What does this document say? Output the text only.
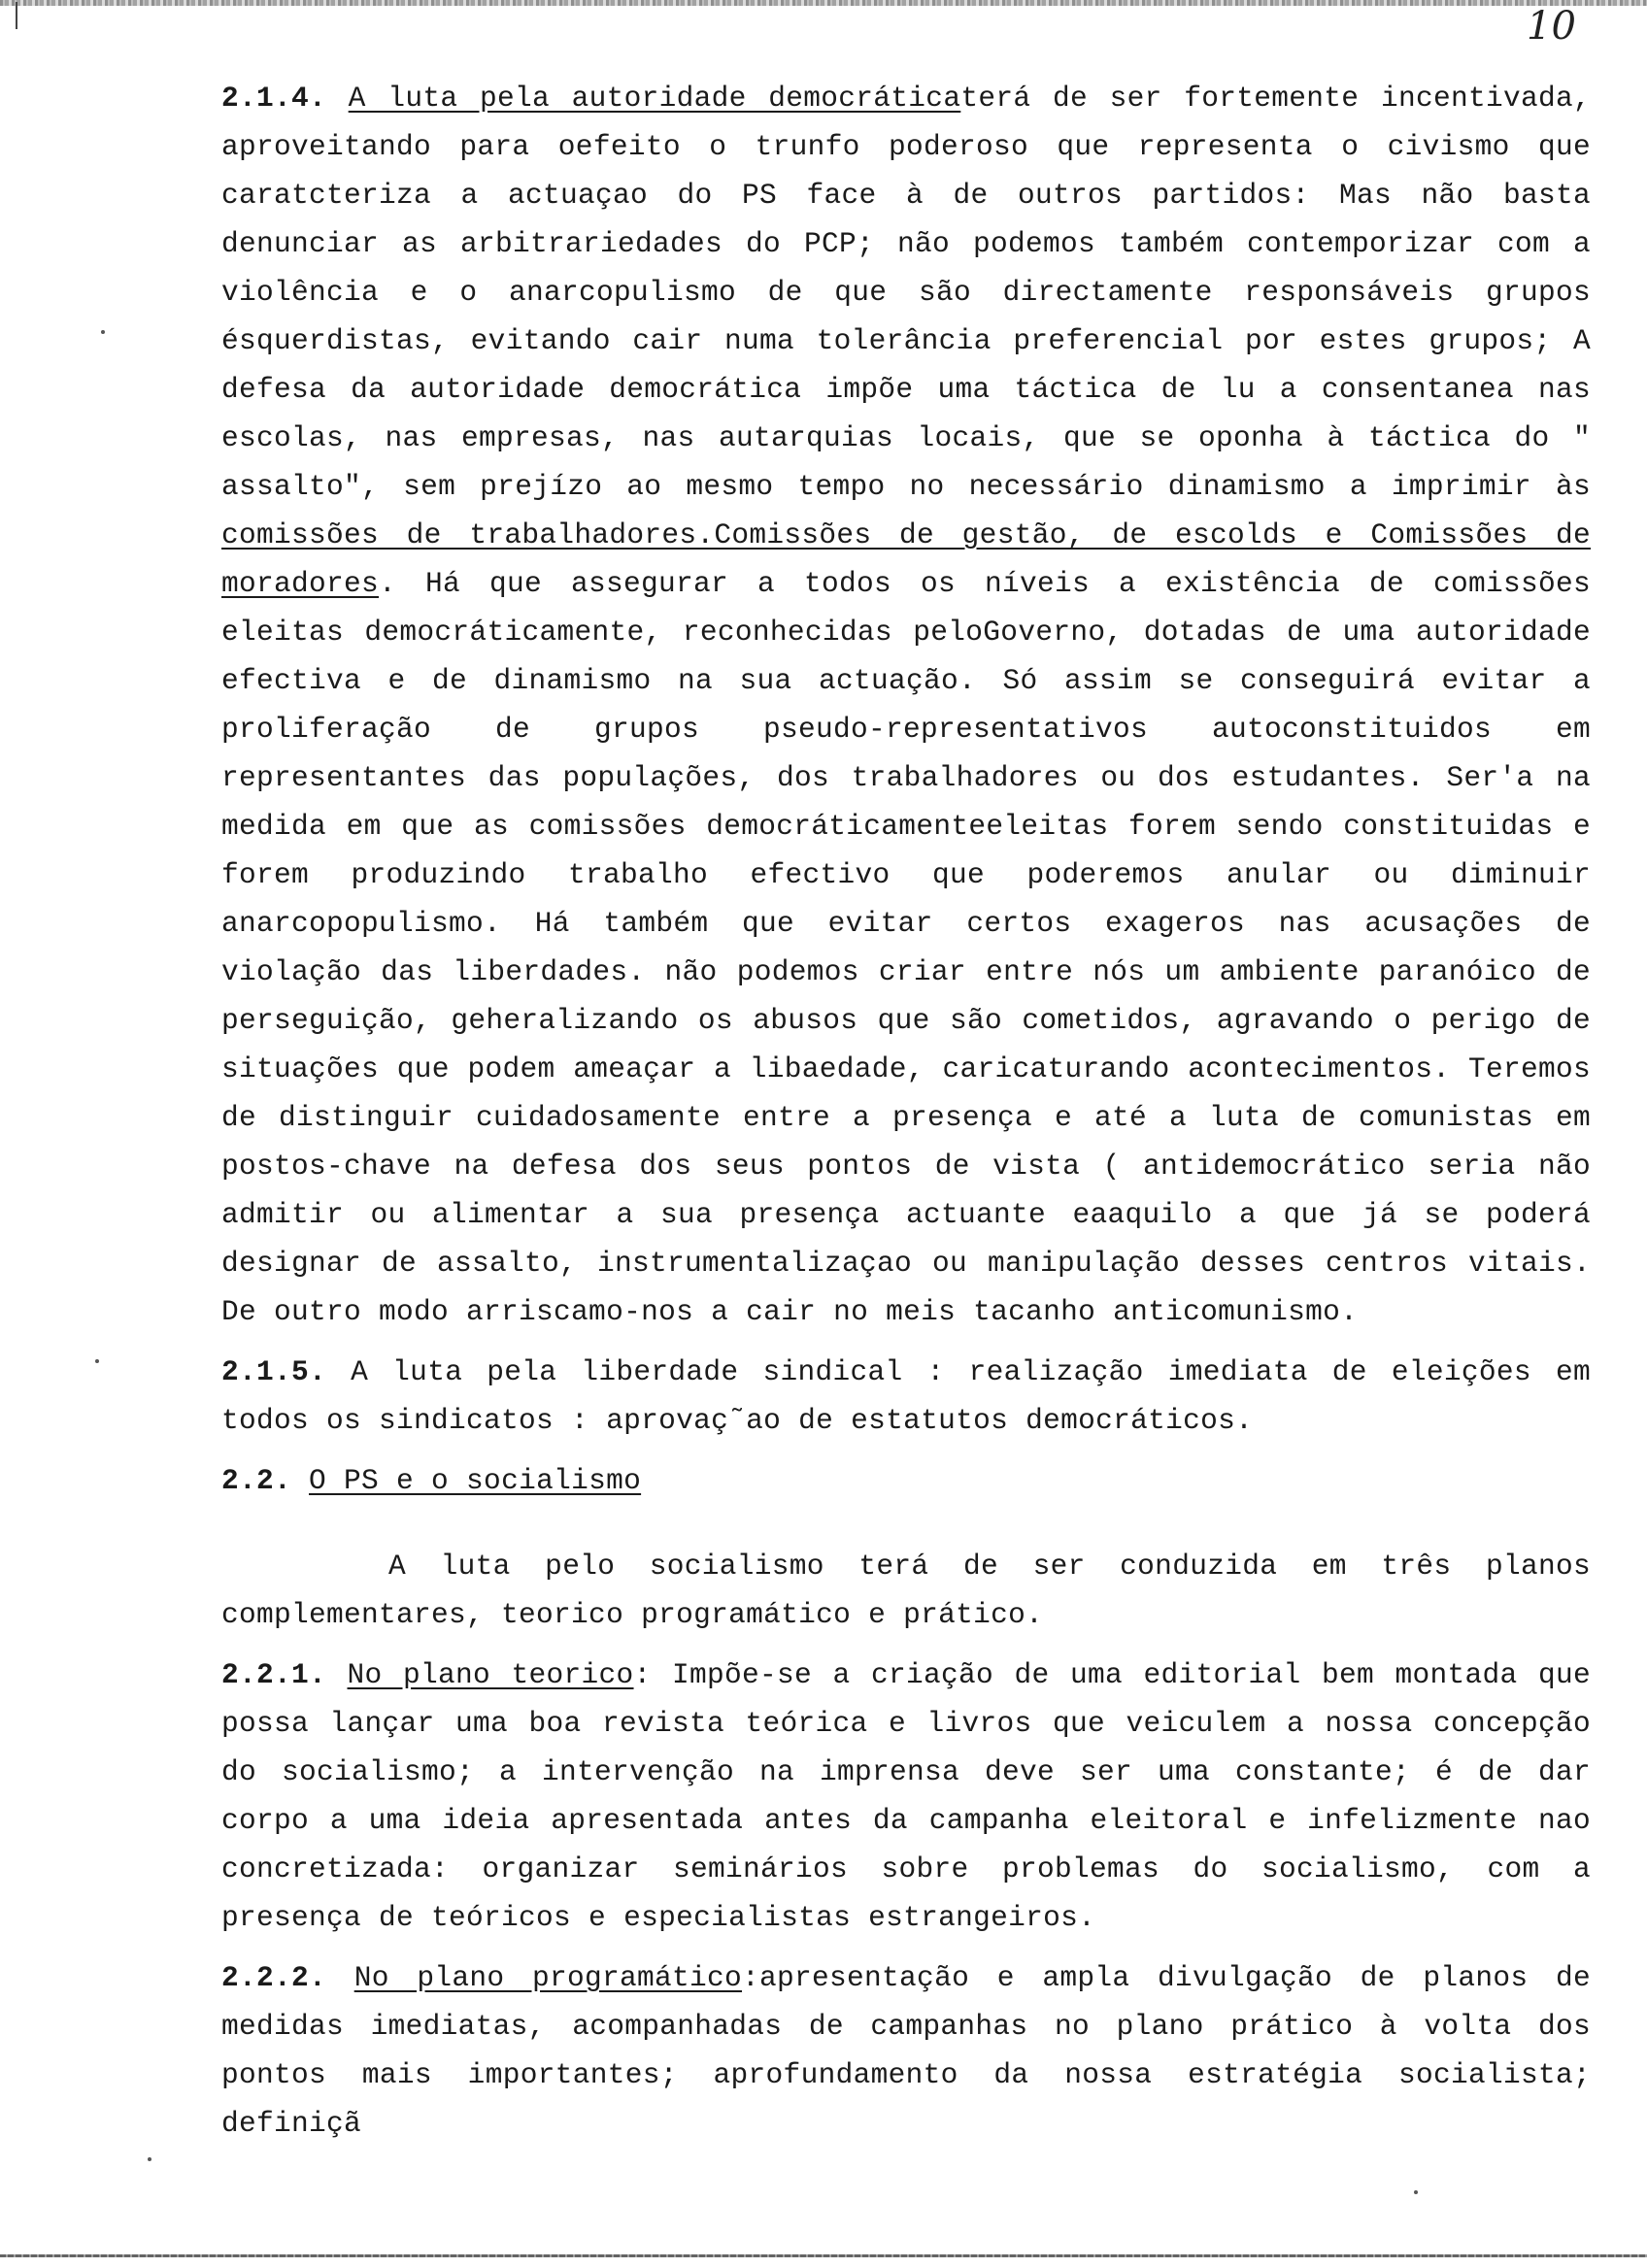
10

2.1.4. A luta pela autoridade democráticaterá de ser fortemente incentivada, aproveitando para oefeito o trunfo poderoso que representa o civismo que caratcteriza a actuaçao do PS face à de outros partidos: Mas não basta denunciar as arbitrariedades do PCP; não podemos também contemporizar com a violência e o anarcopulismo de que são directamente responsáveis grupos ésquerdistas, evitando cair numa tolerância preferencial por estes grupos; A defesa da autoridade democrática impõe uma táctica de lu a consentanea nas escolas, nas empresas, nas autarquias locais, que se oponha à táctica do " assalto", sem prejízo ao mesmo tempo no necessário dinamismo a imprimir às comissões de trabalhadores.Comissões de gestão, de escolds e Comissões de moradores. Há que assegurar a todos os níveis a existência de comissões eleitas democráticamente, reconhecidas peloGoverno, dotadas de uma autoridade efectiva e de dinamismo na sua actuação. Só assim se conseguirá evitar a proliferação de grupos pseudo-representativos autoconstituidos em representantes das populações, dos trabalhadores ou dos estudantes. Ser'a na medida em que as comissões democráticamenteeleitas forem sendo constituidas e forem produzindo trabalho efectivo que poderemos anular ou diminuir anarcopopulismo. Há também que evitar certos exageros nas acusações de violação das liberdades. não podemos criar entre nós um ambiente paranóico de perseguição, geheralizando os abusos que são cometidos, agravando o perigo de situações que podem ameaçar a libaedade, caricaturando acontecimentos. Teremos de distinguir cuidadosamente entre a presença e até a luta de comunistas em postos-chave na defesa dos seus pontos de vista ( antidemocrático seria não admitir ou alimentar a sua presença actuante eaaquilo a que já se poderá designar de assalto, instrumentalizaçao ou manipulação desses centros vitais. De outro modo arriscamo-nos a cair no meis tacanho anticomunismo.

2.1.5. A luta pela liberdade sindical : realização imediata de eleições em todos os sindicatos : aprovaç˜ao de estatutos democráticos.

2.2. O PS e o socialismo

A luta pelo socialismo terá de ser conduzida em três planos complementares, teorico programático e prático.

2.2.1. No plano teorico: Impõe-se a criação de uma editorial bem montada que possa lançar uma boa revista teórica e livros que veiculem a nossa concepção do socialismo; a intervenção na imprensa deve ser uma constante; é de dar corpo a uma ideia apresentada antes da campanha eleitoral e infelizmente nao concretizada: organizar seminários sobre problemas do socialismo, com a presença de teóricos e especialistas estrangeiros.

2.2.2. No plano programático:apresentação e ampla divulgação de planos de medidas imediatas, acompanhadas de campanhas no plano prático à volta dos pontos mais importantes; aprofundamento da nossa estratégia socialista; definiçã
